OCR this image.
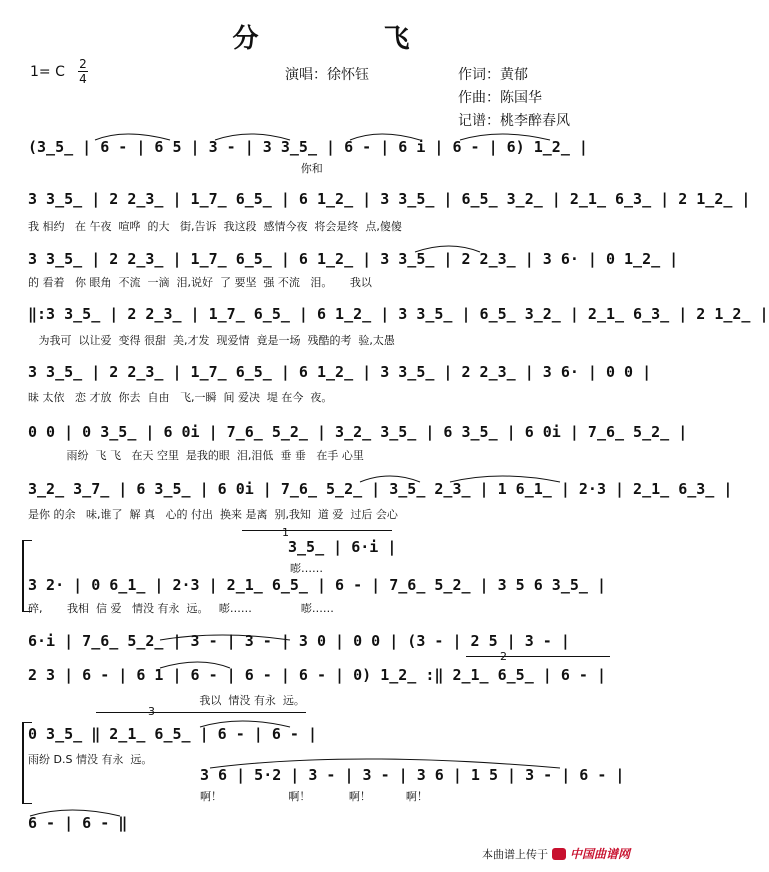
分 飞
1= C 2
4	演唱：徐怀钰	作词：黄郁
作曲：陈国华
记谱：桃李醉春风
(3̲5̲ | 6 - | 6 5 | 3 - | 3 3̲5̲ | 6 - | 6 i | 6 - | 6) 1̲2̲ |
你和
3 3̲5̲ | 2 2̲3̲ | 1̲7̲ 6̲5̲ | 6 1̲2̲ | 3 3̲5̲ | 6̲5̲ 3̲2̲ | 2̲1̲ 6̲3̲ | 2 1̲2̲ |
我 相约   在 午夜  喧哗  的大   街,告诉  我这段  感情今夜  将会是终  点,傻傻
3 3̲5̲ | 2 2̲3̲ | 1̲7̲ 6̲5̲ | 6 1̲2̲ | 3 3̲5̲ | 2 2̲3̲ | 3 6· | 0 1̲2̲ |
的 看着   你 眼角  不流  一滴  泪,说好  了 要坚  强 不流   泪。     我以
‖:3 3̲5̲ | 2 2̲3̲ | 1̲7̲ 6̲5̲ | 6 1̲2̲ | 3 3̲5̲ | 6̲5̲ 3̲2̲ | 2̲1̲ 6̲3̲ | 2 1̲2̲ |
为我可  以让爱  变得 很甜  美,才发  现爱情  竟是一场  残酷的考  验,太愚
3 3̲5̲ | 2 2̲3̲ | 1̲7̲ 6̲5̲ | 6 1̲2̲ | 3 3̲5̲ | 2 2̲3̲ | 3 6· | 0 0 |
昧 太依   恋 才放  你去  自由   飞,一瞬  间 爱决  堤 在今  夜。
0 0 | 0 3̲5̲ | 6 0i | 7̲6̲ 5̲2̲ | 3̲2̲ 3̲5̲ | 6 3̲5̲ | 6 0i | 7̲6̲ 5̲2̲ |
雨纷  飞 飞   在天 空里  是我的眼  泪,泪低  垂 垂   在手 心里
3̲2̲ 3̲7̲ | 6 3̲5̲ | 6 0i | 7̲6̲ 5̲2̲ | 3̲5̲ 2̲3̲ | 1 6̲1̲ | 2·3 | 2̲1̲ 6̲3̲ |
是你 的余   味,谁了  解 真   心的 付出  换来 是离  别,我知  道 爱  过后 会心
1
3̲5̲ | 6·i |
嘭……
3 2· | 0 6̲1̲ | 2·3 | 2̲1̲ 6̲5̲ | 6 - | 7̲6̲ 5̲2̲ | 3 5 6 3̲5̲ |
碎,       我相  信 爱   情没 有永  远。   嘭……              嘭……
6·i | 7̲6̲ 5̲2̲ | 3 - | 3 - | 3 0 | 0 0 | (3 - | 2 5 | 3 - |
2
2 3 | 6 - | 6 1 | 6 - | 6 - | 6 - | 0) 1̲2̲ :‖ 2̲1̲ 6̲5̲ | 6 - |
我以  情没 有永  远。
3
0 3̲5̲ ‖ 2̲1̲ 6̲5̲ | 6 - | 6 - |
雨纷 D.S 情没 有永  远。
3 6 | 5·2 | 3 - | 3 - | 3 6 | 1 5 | 3 - | 6 - |
啊！                   啊！           啊！          啊！
6 - | 6 - ‖
本曲谱上传于 中国曲谱网
